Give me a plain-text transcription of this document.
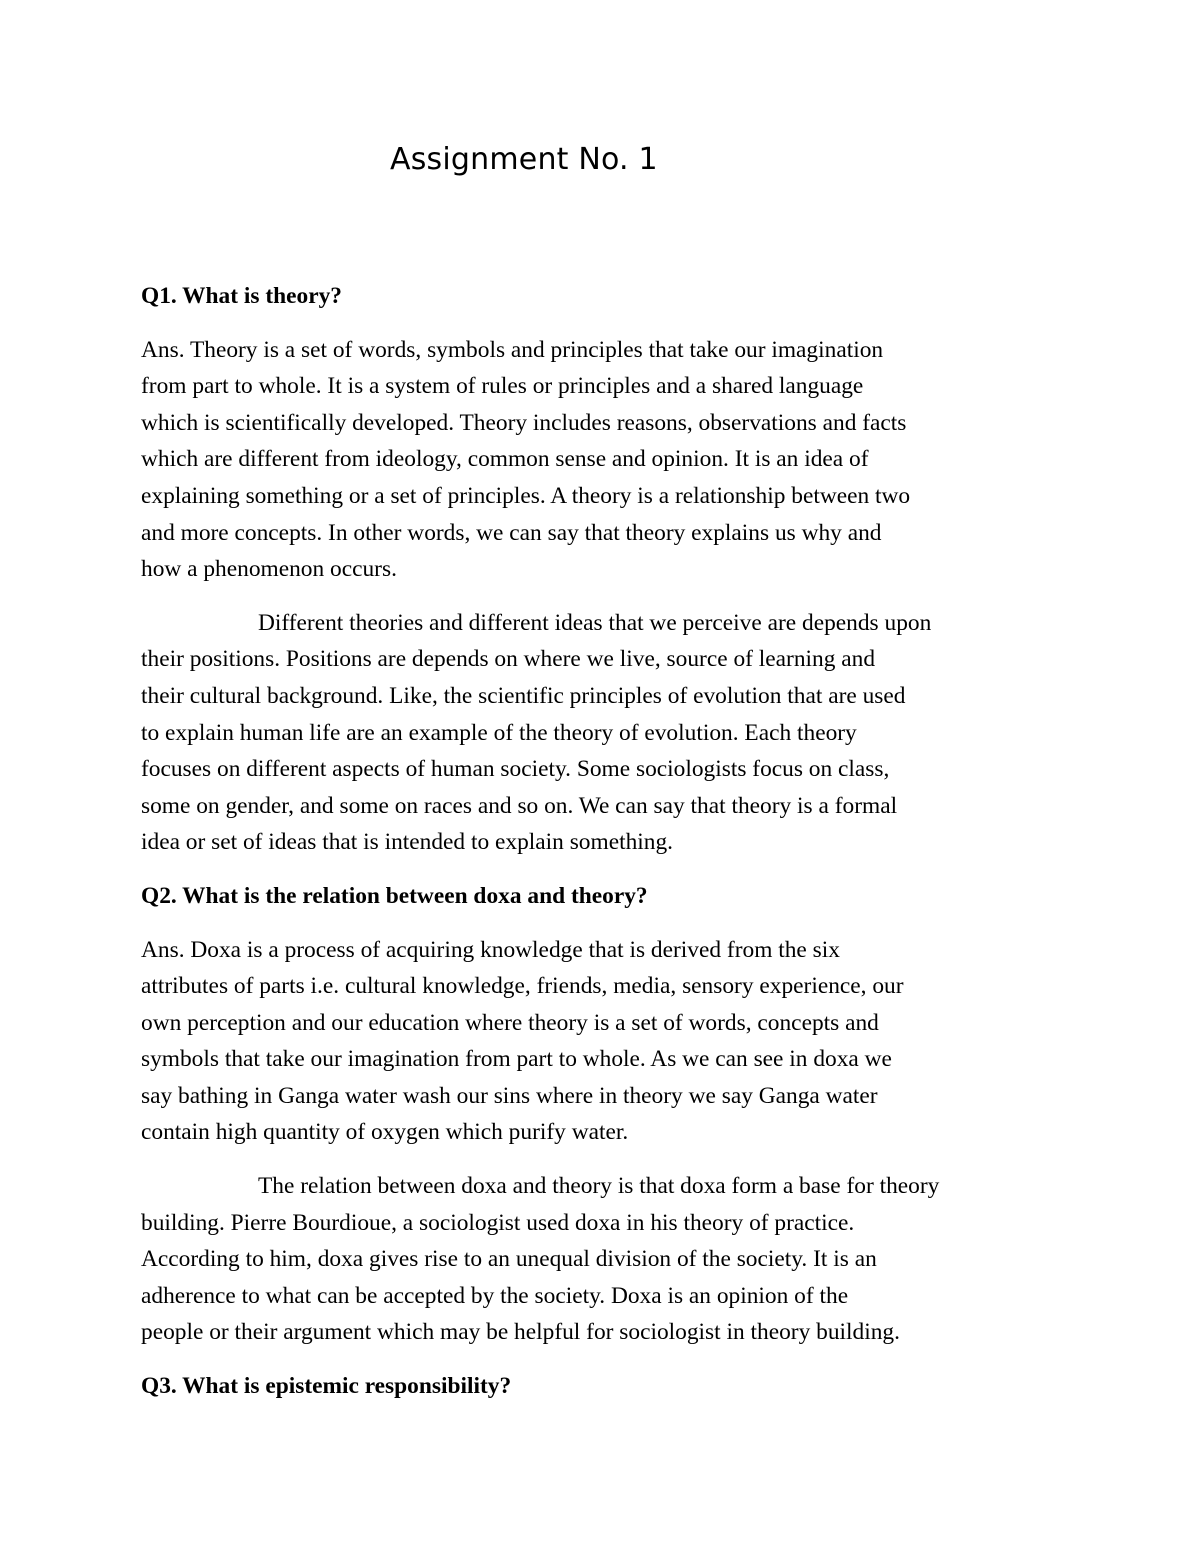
Assignment No. 1

Q1. What is theory?

Ans. Theory is a set of words, symbols and principles that take our imagination
from part to whole. It is a system of rules or principles and a shared language
which is scientifically developed. Theory includes reasons, observations and facts
which are different from ideology, common sense and opinion. It is an idea of
explaining something or a set of principles. A theory is a relationship between two
and more concepts. In other words, we can say that theory explains us why and
how a phenomenon occurs.

Different theories and different ideas that we perceive are depends upon
their positions. Positions are depends on where we live, source of learning and
their cultural background. Like, the scientific principles of evolution that are used
to explain human life are an example of the theory of evolution. Each theory
focuses on different aspects of human society. Some sociologists focus on class,
some on gender, and some on races and so on. We can say that theory is a formal
idea or set of ideas that is intended to explain something.

Q2. What is the relation between doxa and theory?

Ans. Doxa is a process of acquiring knowledge that is derived from the six
attributes of parts i.e. cultural knowledge, friends, media, sensory experience, our
own perception and our education where theory is a set of words, concepts and
symbols that take our imagination from part to whole. As we can see in doxa we
say bathing in Ganga water wash our sins where in theory we say Ganga water
contain high quantity of oxygen which purify water.

The relation between doxa and theory is that doxa form a base for theory
building. Pierre Bourdioue, a sociologist used doxa in his theory of practice.
According to him, doxa gives rise to an unequal division of the society. It is an
adherence to what can be accepted by the society. Doxa is an opinion of the
people or their argument which may be helpful for sociologist in theory building.

Q3. What is epistemic responsibility?
